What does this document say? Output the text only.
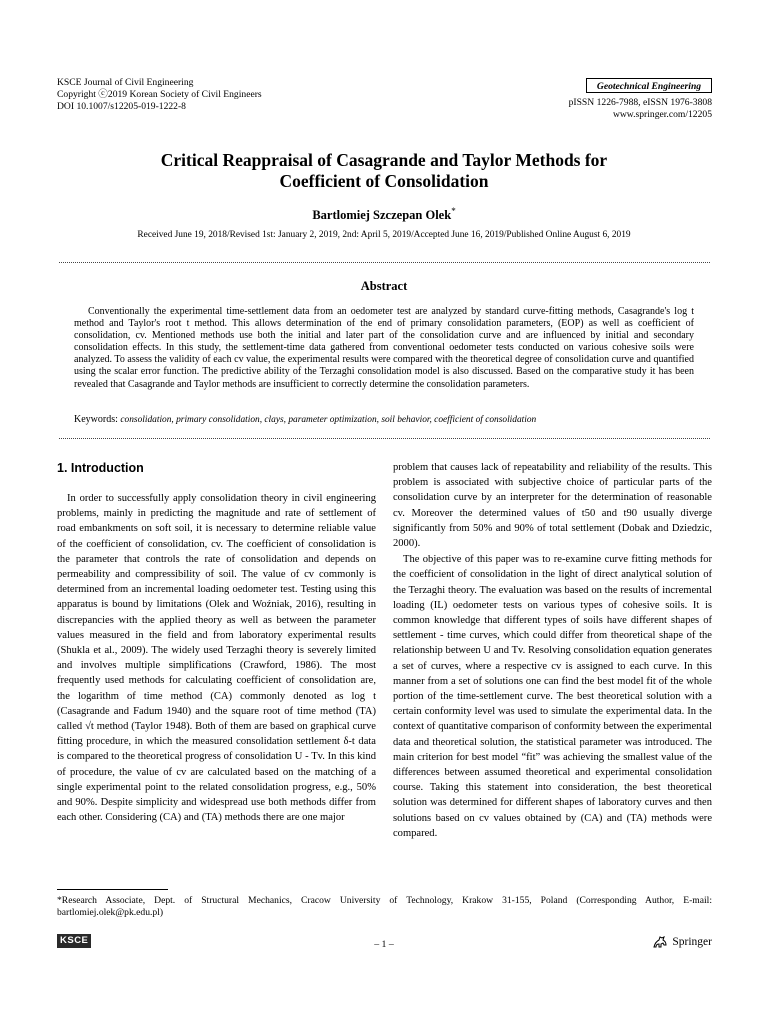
KSCE Journal of Civil Engineering
Copyright ⓒ2019 Korean Society of Civil Engineers
DOI 10.1007/s12205-019-1222-8
Geotechnical Engineering
pISSN 1226-7988, eISSN 1976-3808
www.springer.com/12205
Critical Reappraisal of Casagrande and Taylor Methods for
Coefficient of Consolidation
Bartlomiej Szczepan Olek*
Received June 19, 2018/Revised 1st: January 2, 2019, 2nd: April 5, 2019/Accepted June 16, 2019/Published Online August 6, 2019
Abstract
Conventionally the experimental time-settlement data from an oedometer test are analyzed by standard curve-fitting methods, Casagrande's log t method and Taylor's root t method. This allows determination of the end of primary consolidation parameters, (EOP) as well as coefficient of consolidation, cv. Mentioned methods use both the initial and later part of the consolidation curve and are influenced by initial and secondary consolidation effects. In this study, the settlement-time data gathered from conventional oedometer tests conducted on various cohesive soils were analyzed. To assess the validity of each cv value, the experimental results were compared with the theoretical degree of consolidation curve and quantified using the scalar error function. The predictive ability of the Terzaghi consolidation model is also discussed. Based on the comparative study it has been revealed that Casagrande and Taylor methods are insufficient to correctly determine the consolidation parameters.
Keywords: consolidation, primary consolidation, clays, parameter optimization, soil behavior, coefficient of consolidation
1. Introduction

In order to successfully apply consolidation theory in civil engineering problems, mainly in predicting the magnitude and rate of settlement of road embankments on soft soil, it is necessary to determine reliable value of the coefficient of consolidation, cv. The coefficient of consolidation is the parameter that controls the rate of consolidation and depends on permeability and compressibility of soil. The value of cv commonly is determined from an incremental loading oedometer test. Testing using this apparatus is bound by limitations (Olek and Woźniak, 2016), resulting in discrepancies with the applied theory as well as between the parameter values measured in the field and from laboratory experimental results (Shukla et al., 2009). The widely used Terzaghi theory is severely limited and involves multiple simplifications (Crawford, 1986). The most frequently used methods for calculating coefficient of consolidation are, the logarithm of time method (CA) commonly denoted as log t (Casagrande and Fadum 1940) and the square root of time method (TA) called √t method (Taylor 1948). Both of them are based on graphical curve fitting procedure, in which the measured consolidation settlement δ-t data is compared to the theoretical progress of consolidation U - Tv. In this kind of procedure, the value of cv are calculated based on the matching of a single experimental point to the related consolidation progress, e.g., 50% and 90%. Despite simplicity and widespread use both methods differ from each other. Considering (CA) and (TA) methods there are one major

problem that causes lack of repeatability and reliability of the results. This problem is associated with subjective choice of particular parts of the consolidation curve by an interpreter for the determination of reasonable cv. Moreover the determined values of t50 and t90 usually diverge significantly from 50% and 90% of total settlement (Dobak and Dziedzic, 2000).

The objective of this paper was to re-examine curve fitting methods for the coefficient of consolidation in the light of direct analytical solution of the Terzaghi theory. The evaluation was based on the results of incremental loading (IL) oedometer tests on various types of cohesive soils. It is common knowledge that different types of soils have different shapes of settlement - time curves, which could differ from theoretical shape of the relationship between U and Tv. Resolving consolidation equation generates a set of curves, where a respective cv is assigned to each curve. In this manner from a set of solutions one can find the best model fit of the whole portion of the time-settlement curve. The best theoretical solution with a certain conformity level was used to simulate the experimental data. In the context of quantitative comparison of conformity between the experimental data and theoretical solution, the statistical parameter was introduced. The main criterion for best model “fit” was achieving the smallest value of the differences between assumed theoretical and experimental consolidation course. Taking this statement into consideration, the best theoretical solution was determined for different shapes of laboratory curves and then solutions based on cv values obtained by (CA) and (TA) methods were compared.

*Research Associate, Dept. of Structural Mechanics, Cracow University of Technology, Krakow 31-155, Poland (Corresponding Author, E-mail: bartlomiej.olek@pk.edu.pl)
KSCE	– 1 –	Springer
